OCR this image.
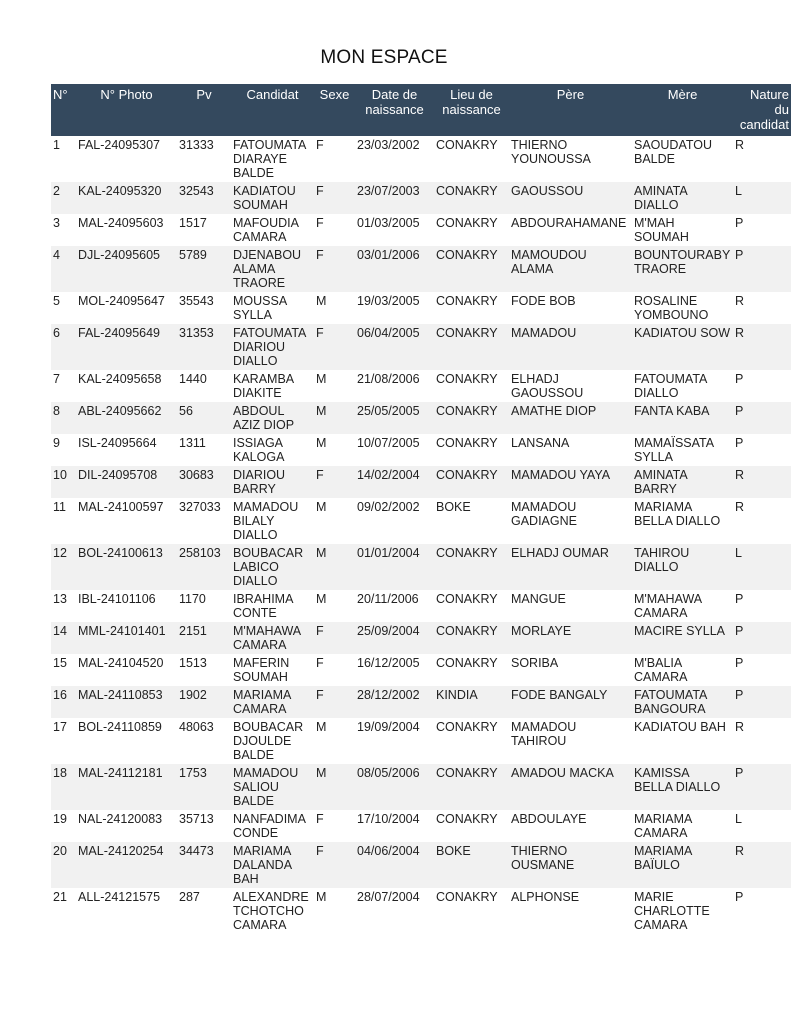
MON ESPACE
N°	N° Photo	Pv	Candidat	Sexe	Date de naissance	Lieu de naissance	Père	Mère	Nature du candidat
1	FAL-24095307	31333	FATOUMATA DIARAYE BALDE	F	23/03/2002	CONAKRY	THIERNO YOUNOUSSA	SAOUDATOU BALDE	R
2	KAL-24095320	32543	KADIATOU SOUMAH	F	23/07/2003	CONAKRY	GAOUSSOU	AMINATA DIALLO	L
3	MAL-24095603	1517	MAFOUDIA CAMARA	F	01/03/2005	CONAKRY	ABDOURAHAMANE	M'MAH SOUMAH	P
4	DJL-24095605	5789	DJENABOU ALAMA TRAORE	F	03/01/2006	CONAKRY	MAMOUDOU ALAMA	BOUNTOURABY TRAORE	P
5	MOL-24095647	35543	MOUSSA SYLLA	M	19/03/2005	CONAKRY	FODE BOB	ROSALINE YOMBOUNO	R
6	FAL-24095649	31353	FATOUMATA DIARIOU DIALLO	F	06/04/2005	CONAKRY	MAMADOU	KADIATOU SOW	R
7	KAL-24095658	1440	KARAMBA DIAKITE	M	21/08/2006	CONAKRY	ELHADJ GAOUSSOU	FATOUMATA DIALLO	P
8	ABL-24095662	56	ABDOUL AZIZ DIOP	M	25/05/2005	CONAKRY	AMATHE DIOP	FANTA KABA	P
9	ISL-24095664	1311	ISSIAGA KALOGA	M	10/07/2005	CONAKRY	LANSANA	MAMAÏSSATA SYLLA	P
10	DIL-24095708	30683	DIARIOU BARRY	F	14/02/2004	CONAKRY	MAMADOU YAYA	AMINATA BARRY	R
11	MAL-24100597	327033	MAMADOU BILALY DIALLO	M	09/02/2002	BOKE	MAMADOU GADIAGNE	MARIAMA BELLA DIALLO	R
12	BOL-24100613	258103	BOUBACAR LABICO DIALLO	M	01/01/2004	CONAKRY	ELHADJ OUMAR	TAHIROU DIALLO	L
13	IBL-24101106	1170	IBRAHIMA CONTE	M	20/11/2006	CONAKRY	MANGUE	M'MAHAWA CAMARA	P
14	MML-24101401	2151	M'MAHAWA CAMARA	F	25/09/2004	CONAKRY	MORLAYE	MACIRE SYLLA	P
15	MAL-24104520	1513	MAFERIN SOUMAH	F	16/12/2005	CONAKRY	SORIBA	M'BALIA CAMARA	P
16	MAL-24110853	1902	MARIAMA CAMARA	F	28/12/2002	KINDIA	FODE BANGALY	FATOUMATA BANGOURA	P
17	BOL-24110859	48063	BOUBACAR DJOULDE BALDE	M	19/09/2004	CONAKRY	MAMADOU TAHIROU	KADIATOU BAH	R
18	MAL-24112181	1753	MAMADOU SALIOU BALDE	M	08/05/2006	CONAKRY	AMADOU MACKA	KAMISSA BELLA DIALLO	P
19	NAL-24120083	35713	NANFADIMA CONDE	F	17/10/2004	CONAKRY	ABDOULAYE	MARIAMA CAMARA	L
20	MAL-24120254	34473	MARIAMA DALANDA BAH	F	04/06/2004	BOKE	THIERNO OUSMANE	MARIAMA BAÏULO	R
21	ALL-24121575	287	ALEXANDRE TCHOTCHO CAMARA	M	28/07/2004	CONAKRY	ALPHONSE	MARIE CHARLOTTE CAMARA	P
